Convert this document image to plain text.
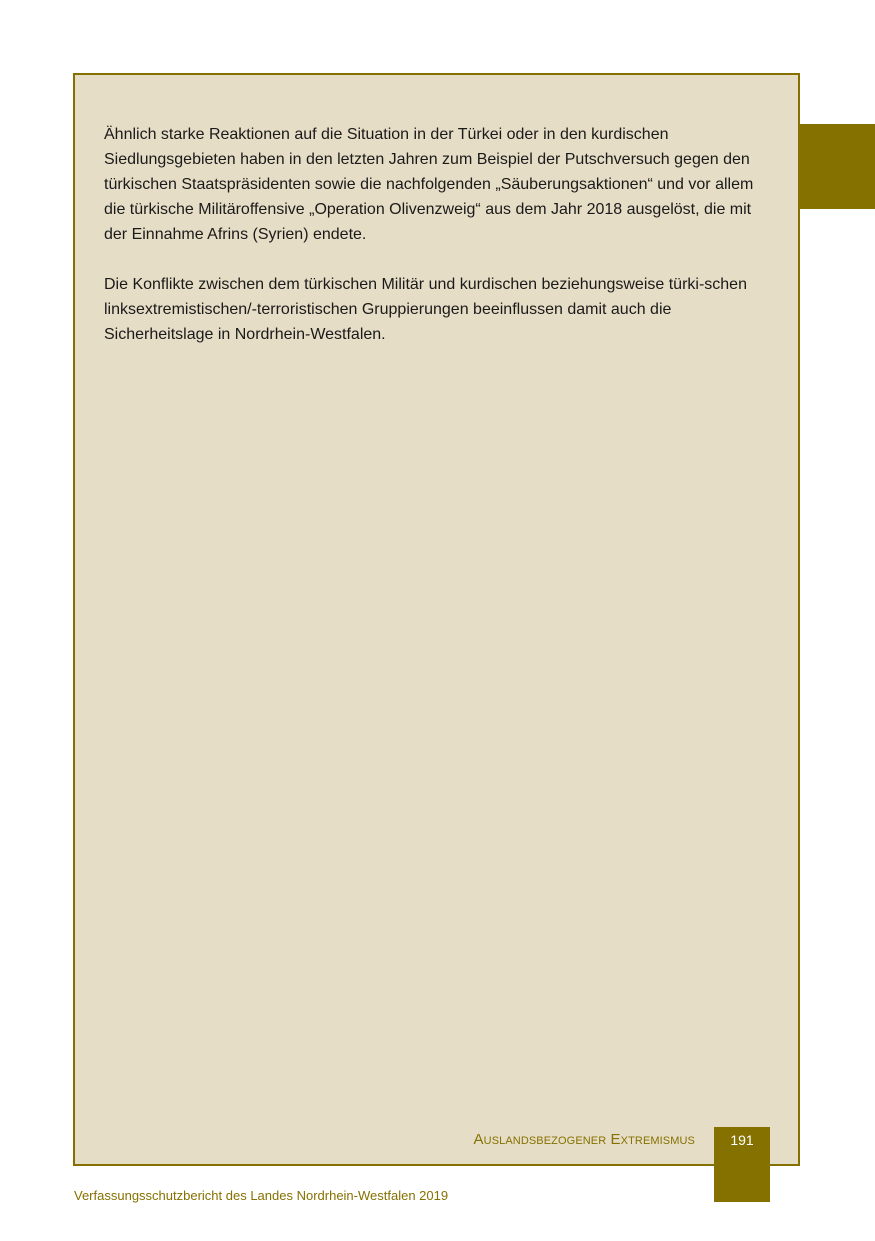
Ähnlich starke Reaktionen auf die Situation in der Türkei oder in den kurdischen Siedlungsgebieten haben in den letzten Jahren zum Beispiel der Putschversuch gegen den türkischen Staatspräsidenten sowie die nachfolgenden „Säuberungsaktionen“ und vor allem die türkische Militäroffensive „Operation Olivenzweig“ aus dem Jahr 2018 ausgelöst, die mit der Einnahme Afrins (Syrien) endete.

Die Konflikte zwischen dem türkischen Militär und kurdischen beziehungsweise türki-schen linksextremistischen/-terroristischen Gruppierungen beeinflussen damit auch die Sicherheitslage in Nordrhein-Westfalen.

Auslandsbezogener Extremismus	191
Verfassungsschutzbericht des Landes Nordrhein-Westfalen 2019
